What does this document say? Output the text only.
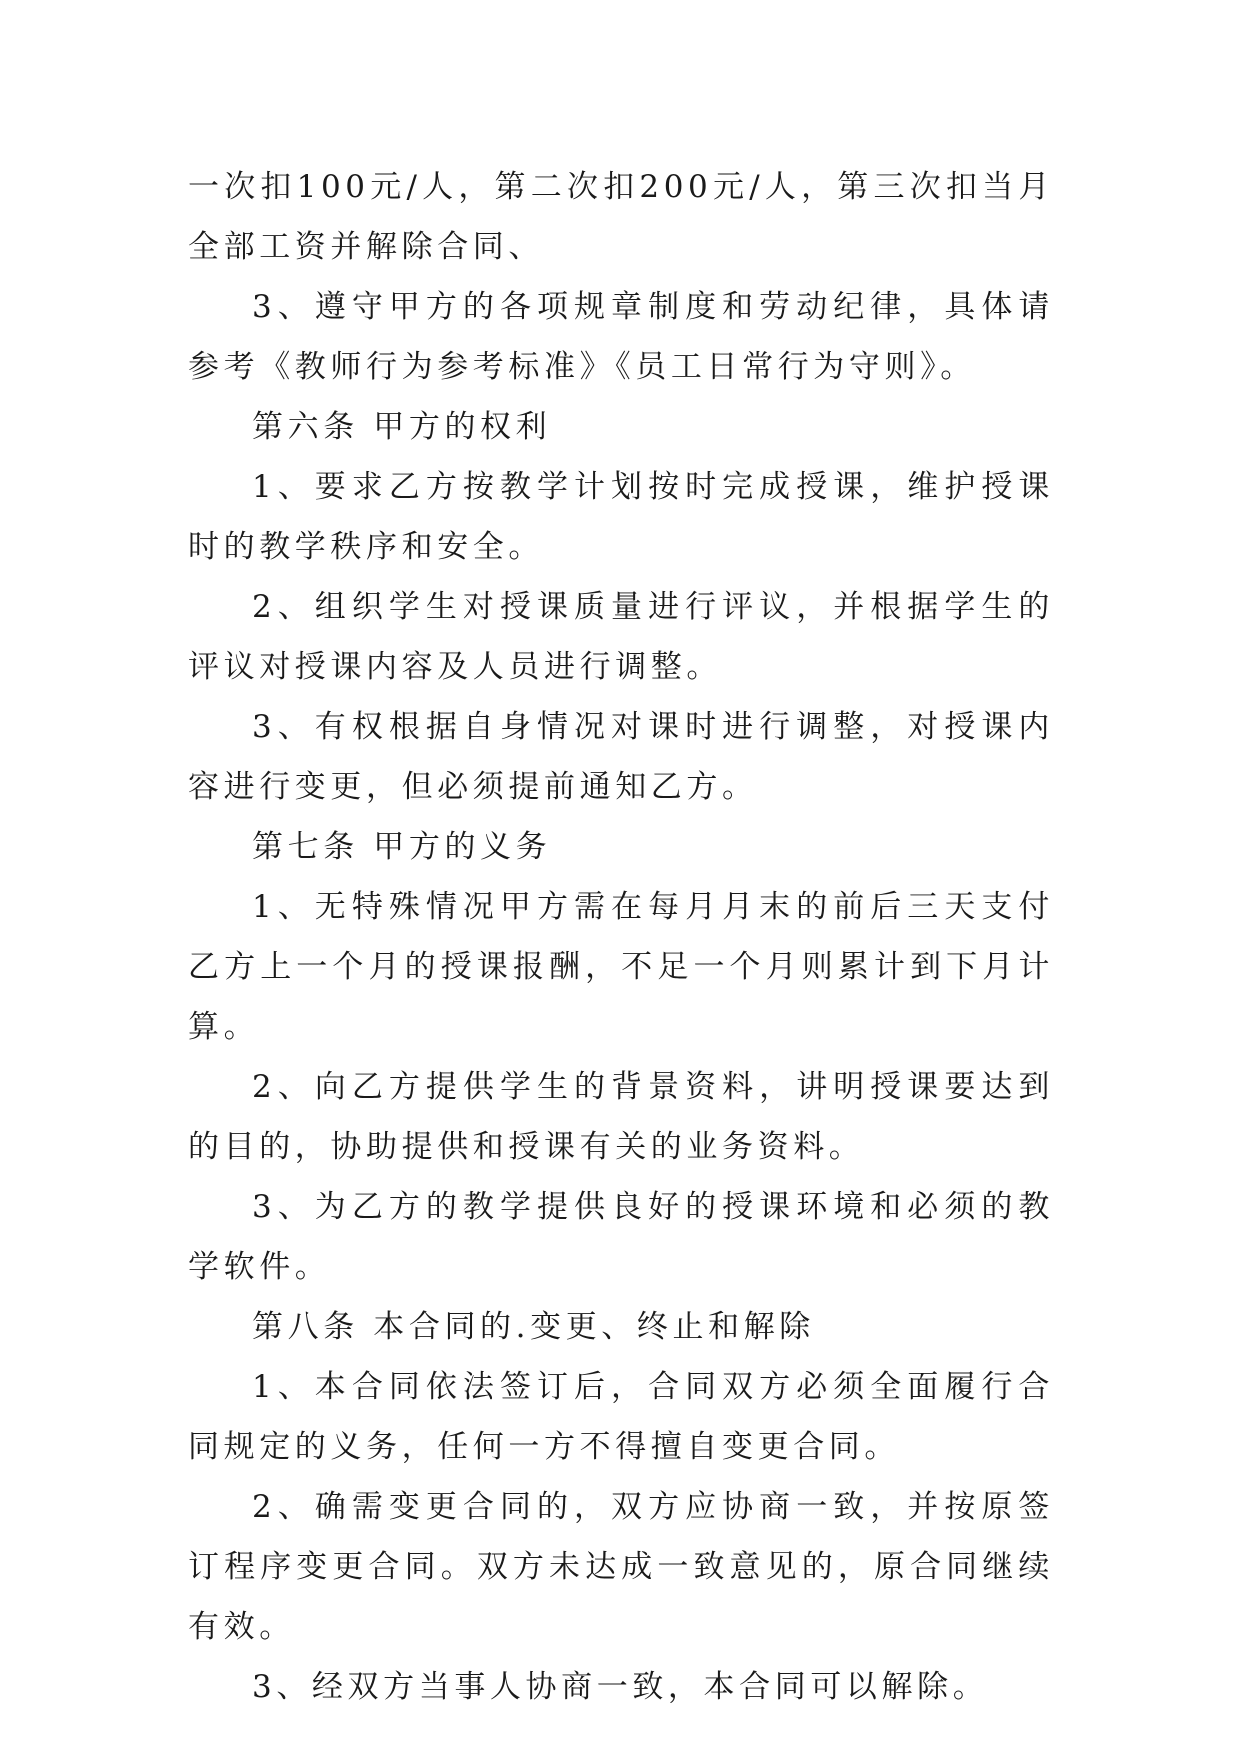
一次扣100元/人，第二次扣200元/人，第三次扣当月全部工资并解除合同、

3、遵守甲方的各项规章制度和劳动纪律，具体请参考《教师行为参考标准》《员工日常行为守则》。

第六条 甲方的权利

1、要求乙方按教学计划按时完成授课，维护授课时的教学秩序和安全。

2、组织学生对授课质量进行评议，并根据学生的评议对授课内容及人员进行调整。

3、有权根据自身情况对课时进行调整，对授课内容进行变更，但必须提前通知乙方。

第七条 甲方的义务

1、无特殊情况甲方需在每月月末的前后三天支付乙方上一个月的授课报酬，不足一个月则累计到下月计算。

2、向乙方提供学生的背景资料，讲明授课要达到的目的，协助提供和授课有关的业务资料。

3、为乙方的教学提供良好的授课环境和必须的教学软件。

第八条 本合同的.变更、终止和解除

1、本合同依法签订后，合同双方必须全面履行合同规定的义务，任何一方不得擅自变更合同。

2、确需变更合同的，双方应协商一致，并按原签订程序变更合同。双方未达成一致意见的，原合同继续有效。

3、经双方当事人协商一致，本合同可以解除。
